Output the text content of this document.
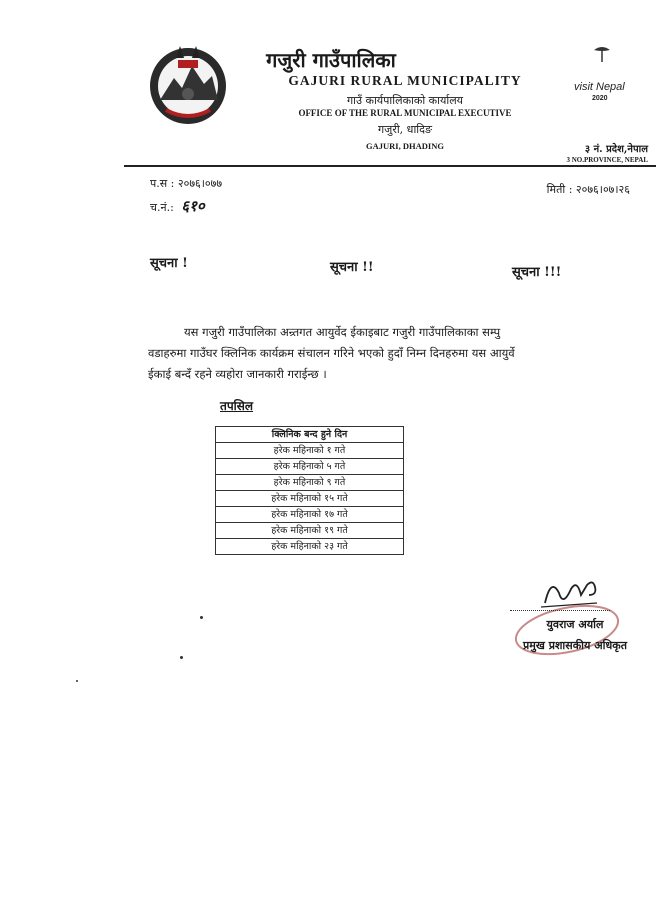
visit Nepal
2020
गजुरी गाउँपालिका
GAJURI RURAL MUNICIPALITY
गाउँ कार्यपालिकाको कार्यालय
OFFICE OF THE RURAL MUNICIPAL EXECUTIVE
गजुरी, धादिङ
GAJURI, DHADING	३ नं. प्रदेश,नेपाल
3 NO.PROVINCE, NEPAL
प.स : २०७६।०७७
च.नं.: ६१०
मिती : २०७६।०७।२६
सूचना !	सूचना !!	सूचना !!!
यस गजुरी गाउँपालिका अन्र्तगत आयुर्वेद ईकाइबाट गजुरी गाउँपालिकाका सम्पु
वडाहरुमा गाउँघर क्लिनिक कार्यक्रम संचालन गरिने भएको हुदाँ निम्न दिनहरुमा यस आयुर्वे
ईकाई बन्दँ रहने व्यहोरा जानकारी गराईन्छ ।
तपसिल
क्लिनिक बन्द हुने दिन
हरेक महिनाको १ गते
हरेक महिनाको ५ गते
हरेक महिनाको ९ गते
हरेक महिनाको १५ गते
हरेक महिनाको १७ गते
हरेक महिनाको १९ गते
हरेक महिनाको २३ गते
युवराज अर्याल
प्रमुख प्रशासकीय अधिकृत
